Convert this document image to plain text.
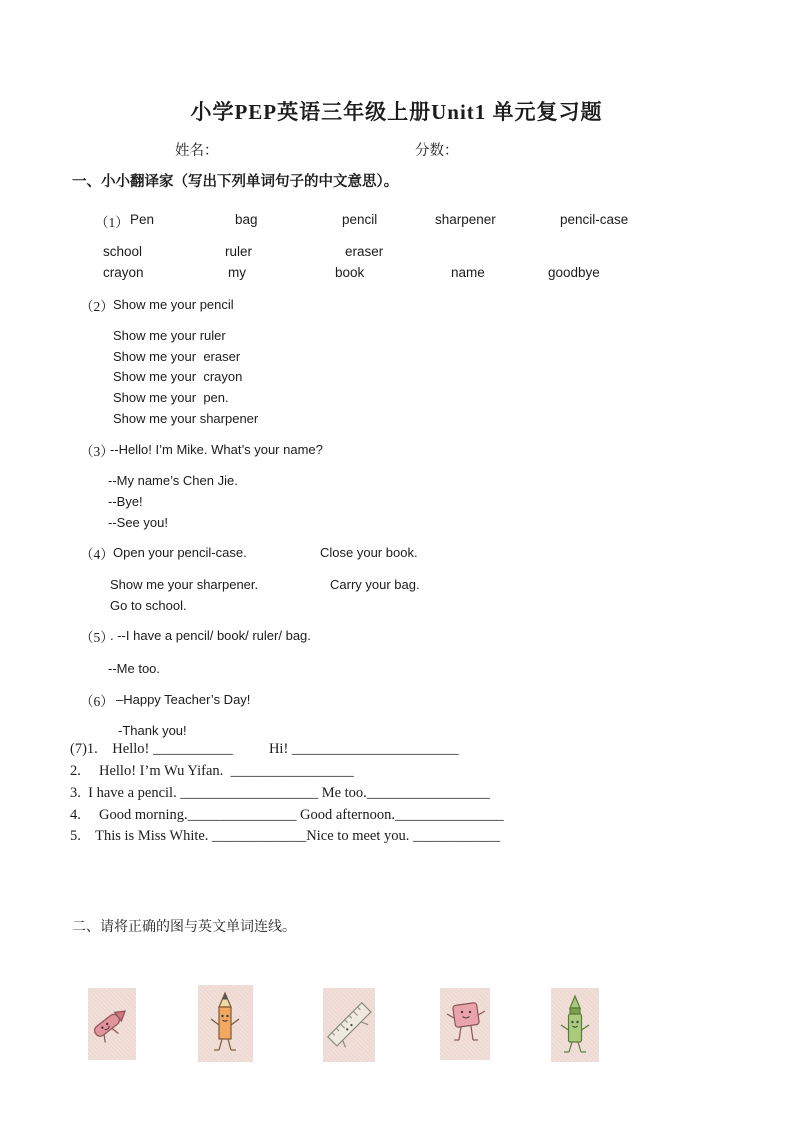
小学PEP英语三年级上册Unit1 单元复习题
姓名：	分数：
一、小小翻译家（写出下列单词句子的中文意思）。
（1） Pen	bag	pencil	sharpener	pencil-case
school	ruler	eraser
crayon	my	book	name	goodbye
（2） Show me your pencil
Show me your ruler
Show me your  eraser
Show me your  crayon
Show me your  pen.
Show me your sharpener
（3）
--Hello! I’m Mike. What’s your name?
--My name’s Chen Jie.
--Bye!
--See you!
（4） Open your pencil-case.	Close your book.
Show me your sharpener.	Carry your bag.
Go to school.
（5）
. --I have a pencil/ book/ ruler/ bag.
--Me too.
（6） –Happy Teacher’s Day!
-Thank you!
(7)1.    Hello! ___________          Hi! _______________________
2.     Hello! I’m Wu Yifan.  _________________
3.  I have a pencil. ___________________ Me too._________________
4.     Good morning._______________ Good afternoon._______________
5.    This is Miss White. _____________Nice to meet you. ____________
二、请将正确的图与英文单词连线。
